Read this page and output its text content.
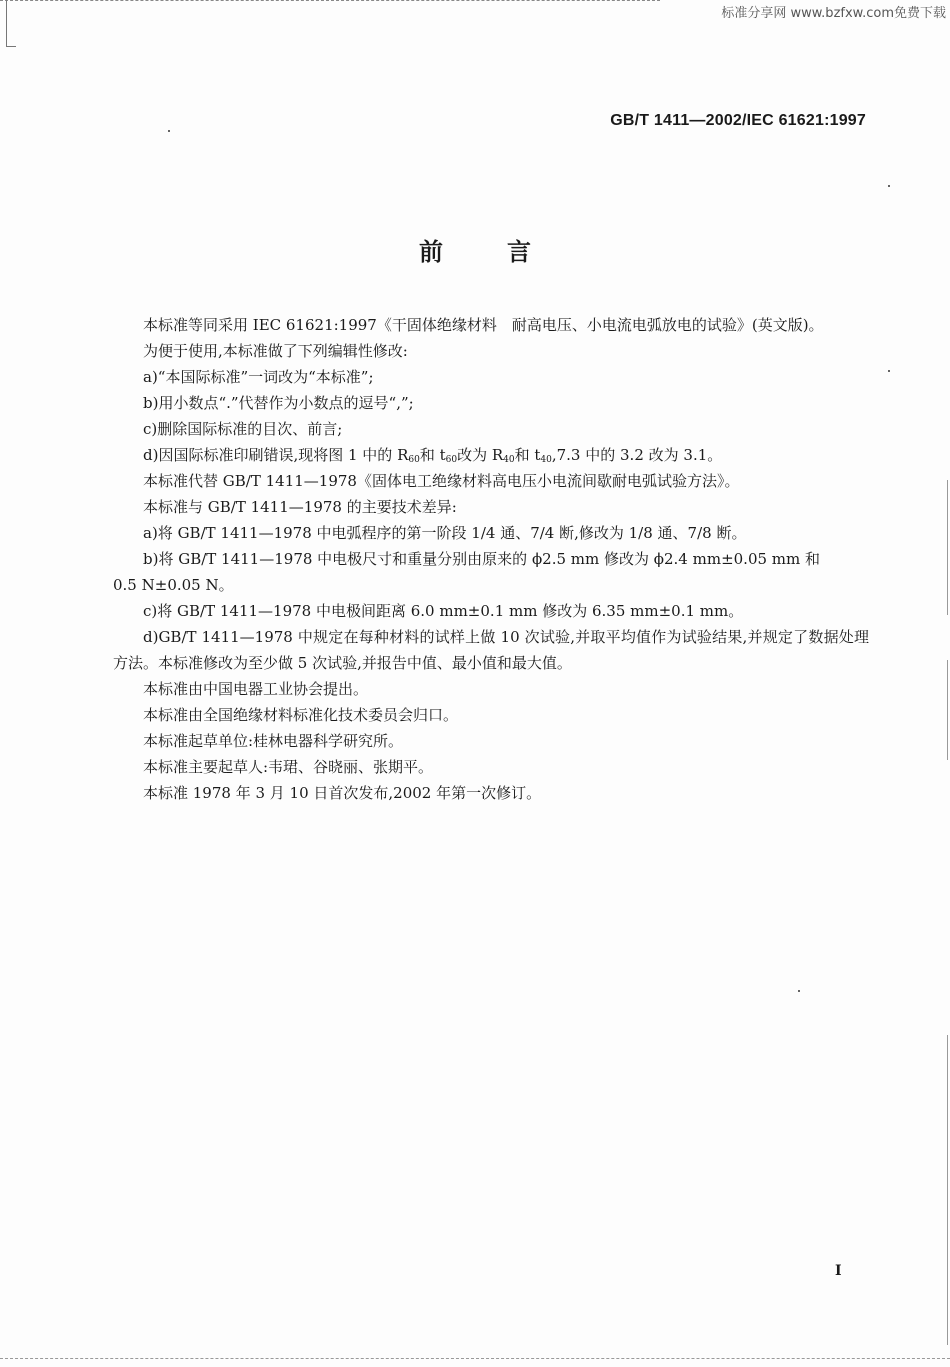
标准分享网 www.bzfxw.com免费下载
GB/T 1411—2002/IEC 61621:1997
前言

本标准等同采用 IEC 61621:1997《干固体绝缘材料　耐高电压、小电流电弧放电的试验》(英文版)。

为便于使用,本标准做了下列编辑性修改:

a)“本国际标准”一词改为“本标准”;

b)用小数点“.”代替作为小数点的逗号“,”;

c)删除国际标准的目次、前言;

d)因国际标准印刷错误,现将图 1 中的 $R_{60}$和 $t_{60}$改为 $R_{40}$和 $t_{40},7.3$ 中的 3.2 改为 3.1。

本标准代替 GB/T 1411—1978《固体电工绝缘材料高电压小电流间歇耐电弧试验方法》。

本标准与 GB/T 1411—1978 的主要技术差异:

a)将 GB/T 1411—1978 中电弧程序的第一阶段 1/4 通、7/4 断,修改为 1/8 通、7/8 断。

b)将 GB/T 1411—1978 中电极尺寸和重量分别由原来的 ϕ2.5 mm 修改为 ϕ2.4 mm±0.05 mm 和

0.5 N±0.05 N。

c)将 GB/T 1411—1978 中电极间距离 6.0 mm±0.1 mm 修改为 6.35 mm±0.1 mm。

d)GB/T 1411—1978 中规定在每种材料的试样上做 10 次试验,并取平均值作为试验结果,并规定了数据处理方法。本标准修改为至少做 5 次试验,并报告中值、最小值和最大值。

本标准由中国电器工业协会提出。

本标准由全国绝缘材料标准化技术委员会归口。

本标准起草单位:桂林电器科学研究所。

本标准主要起草人:韦珺、谷晓丽、张期平。

本标准 1978 年 3 月 10 日首次发布,2002 年第一次修订。

I
